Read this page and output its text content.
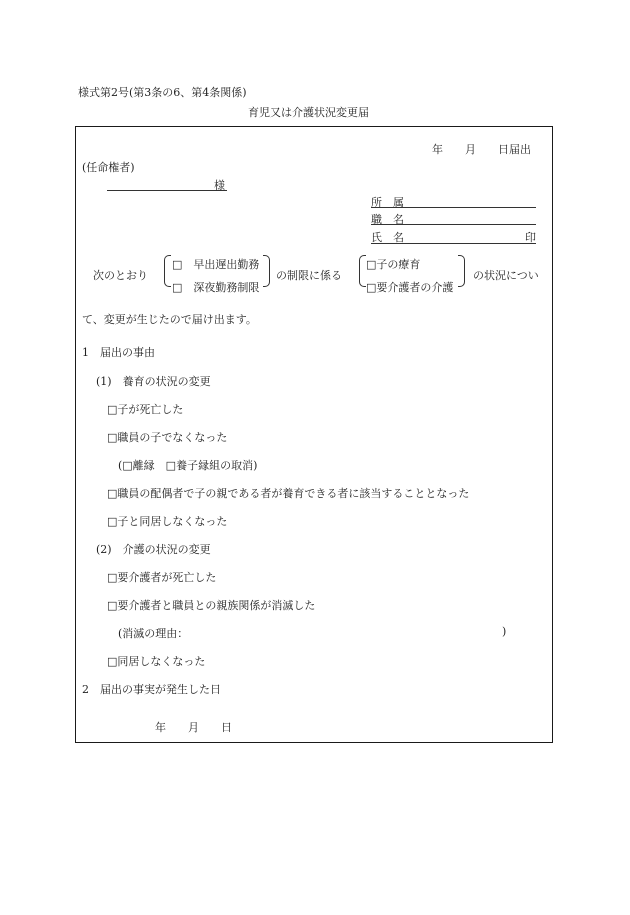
様式第2号(第3条の6、第4条関係)
育児又は介護状況変更届
年　　月　　日届出
(任命権者)
様
所　属
職　名
氏　名	印
次のとおり
□　早出遅出勤務
□　深夜勤務制限
の制限に係る
□子の療育
□要介護者の介護
の状況につい
て、変更が生じたので届け出ます。
1　届出の事由
(1)　養育の状況の変更
□子が死亡した
□職員の子でなくなった
(□離縁　□養子縁組の取消)
□職員の配偶者で子の親である者が養育できる者に該当することとなった
□子と同居しなくなった
(2)　介護の状況の変更
□要介護者が死亡した
□要介護者と職員との親族関係が消滅した
(消滅の理由：	)
□同居しなくなった
2　届出の事実が発生した日
年　　月　　日
